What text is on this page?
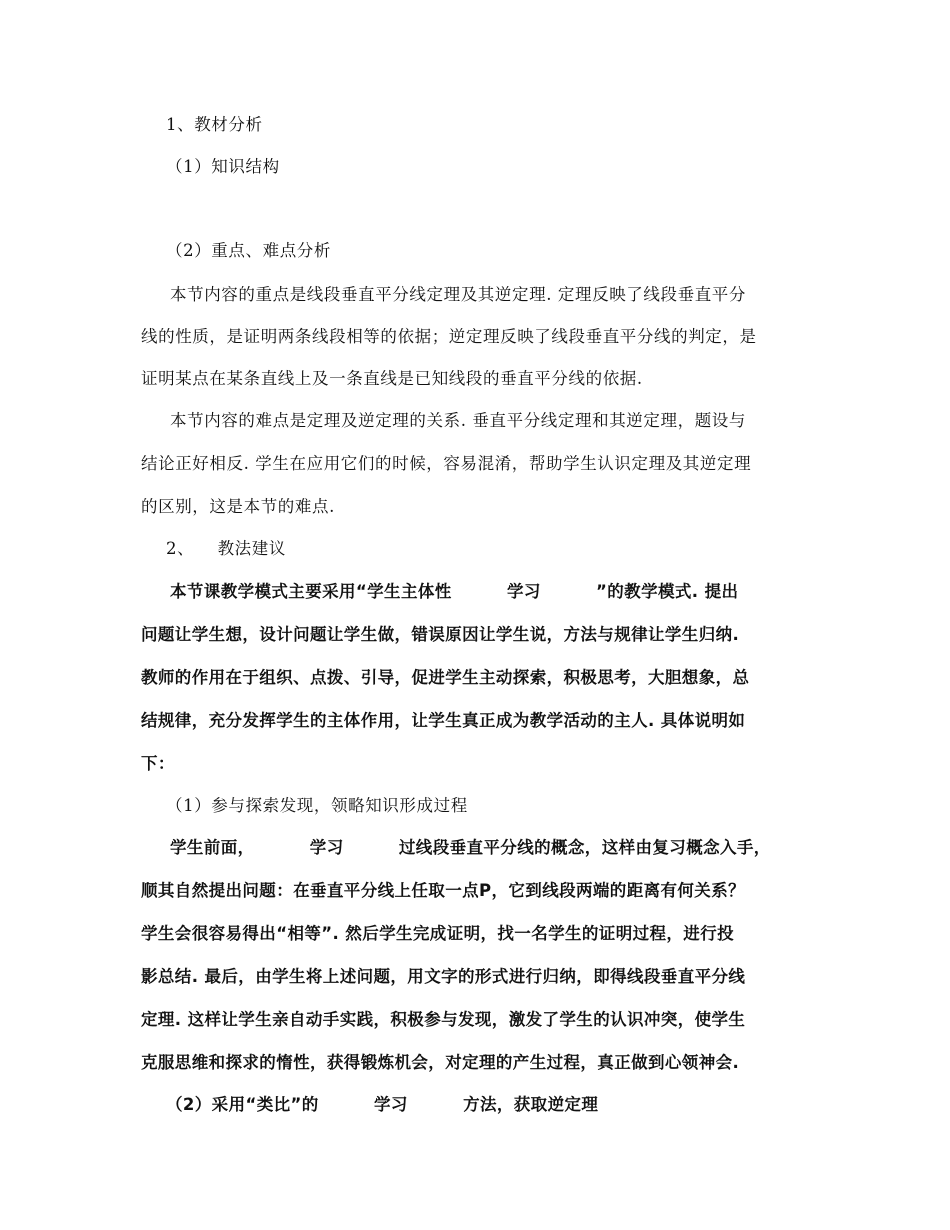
1、教材分析
（1）知识结构
（2）重点、难点分析
本节内容的重点是线段垂直平分线定理及其逆定理. 定理反映了线段垂直平分
线的性质，是证明两条线段相等的依据；逆定理反映了线段垂直平分线的判定，是
证明某点在某条直线上及一条直线是已知线段的垂直平分线的依据.
本节内容的难点是定理及逆定理的关系. 垂直平分线定理和其逆定理，题设与
结论正好相反. 学生在应用它们的时候，容易混淆，帮助学生认识定理及其逆定理
的区别，这是本节的难点.
2、    教法建议
本节课教学模式主要采用“学生主体性         学习         ”的教学模式. 提出
问题让学生想，设计问题让学生做，错误原因让学生说，方法与规律让学生归纳.
教师的作用在于组织、点拨、引导，促进学生主动探索，积极思考，大胆想象，总
结规律，充分发挥学生的主体作用，让学生真正成为教学活动的主人. 具体说明如
下：
（1）参与探索发现，领略知识形成过程
学生前面，         学习         过线段垂直平分线的概念，这样由复习概念入手，
顺其自然提出问题：在垂直平分线上任取一点P，它到线段两端的距离有何关系？
学生会很容易得出“相等”. 然后学生完成证明，找一名学生的证明过程，进行投
影总结. 最后，由学生将上述问题，用文字的形式进行归纳，即得线段垂直平分线
定理. 这样让学生亲自动手实践，积极参与发现，激发了学生的认识冲突，使学生
克服思维和探求的惰性，获得锻炼机会，对定理的产生过程，真正做到心领神会.
（2）采用“类比”的         学习         方法，获取逆定理
